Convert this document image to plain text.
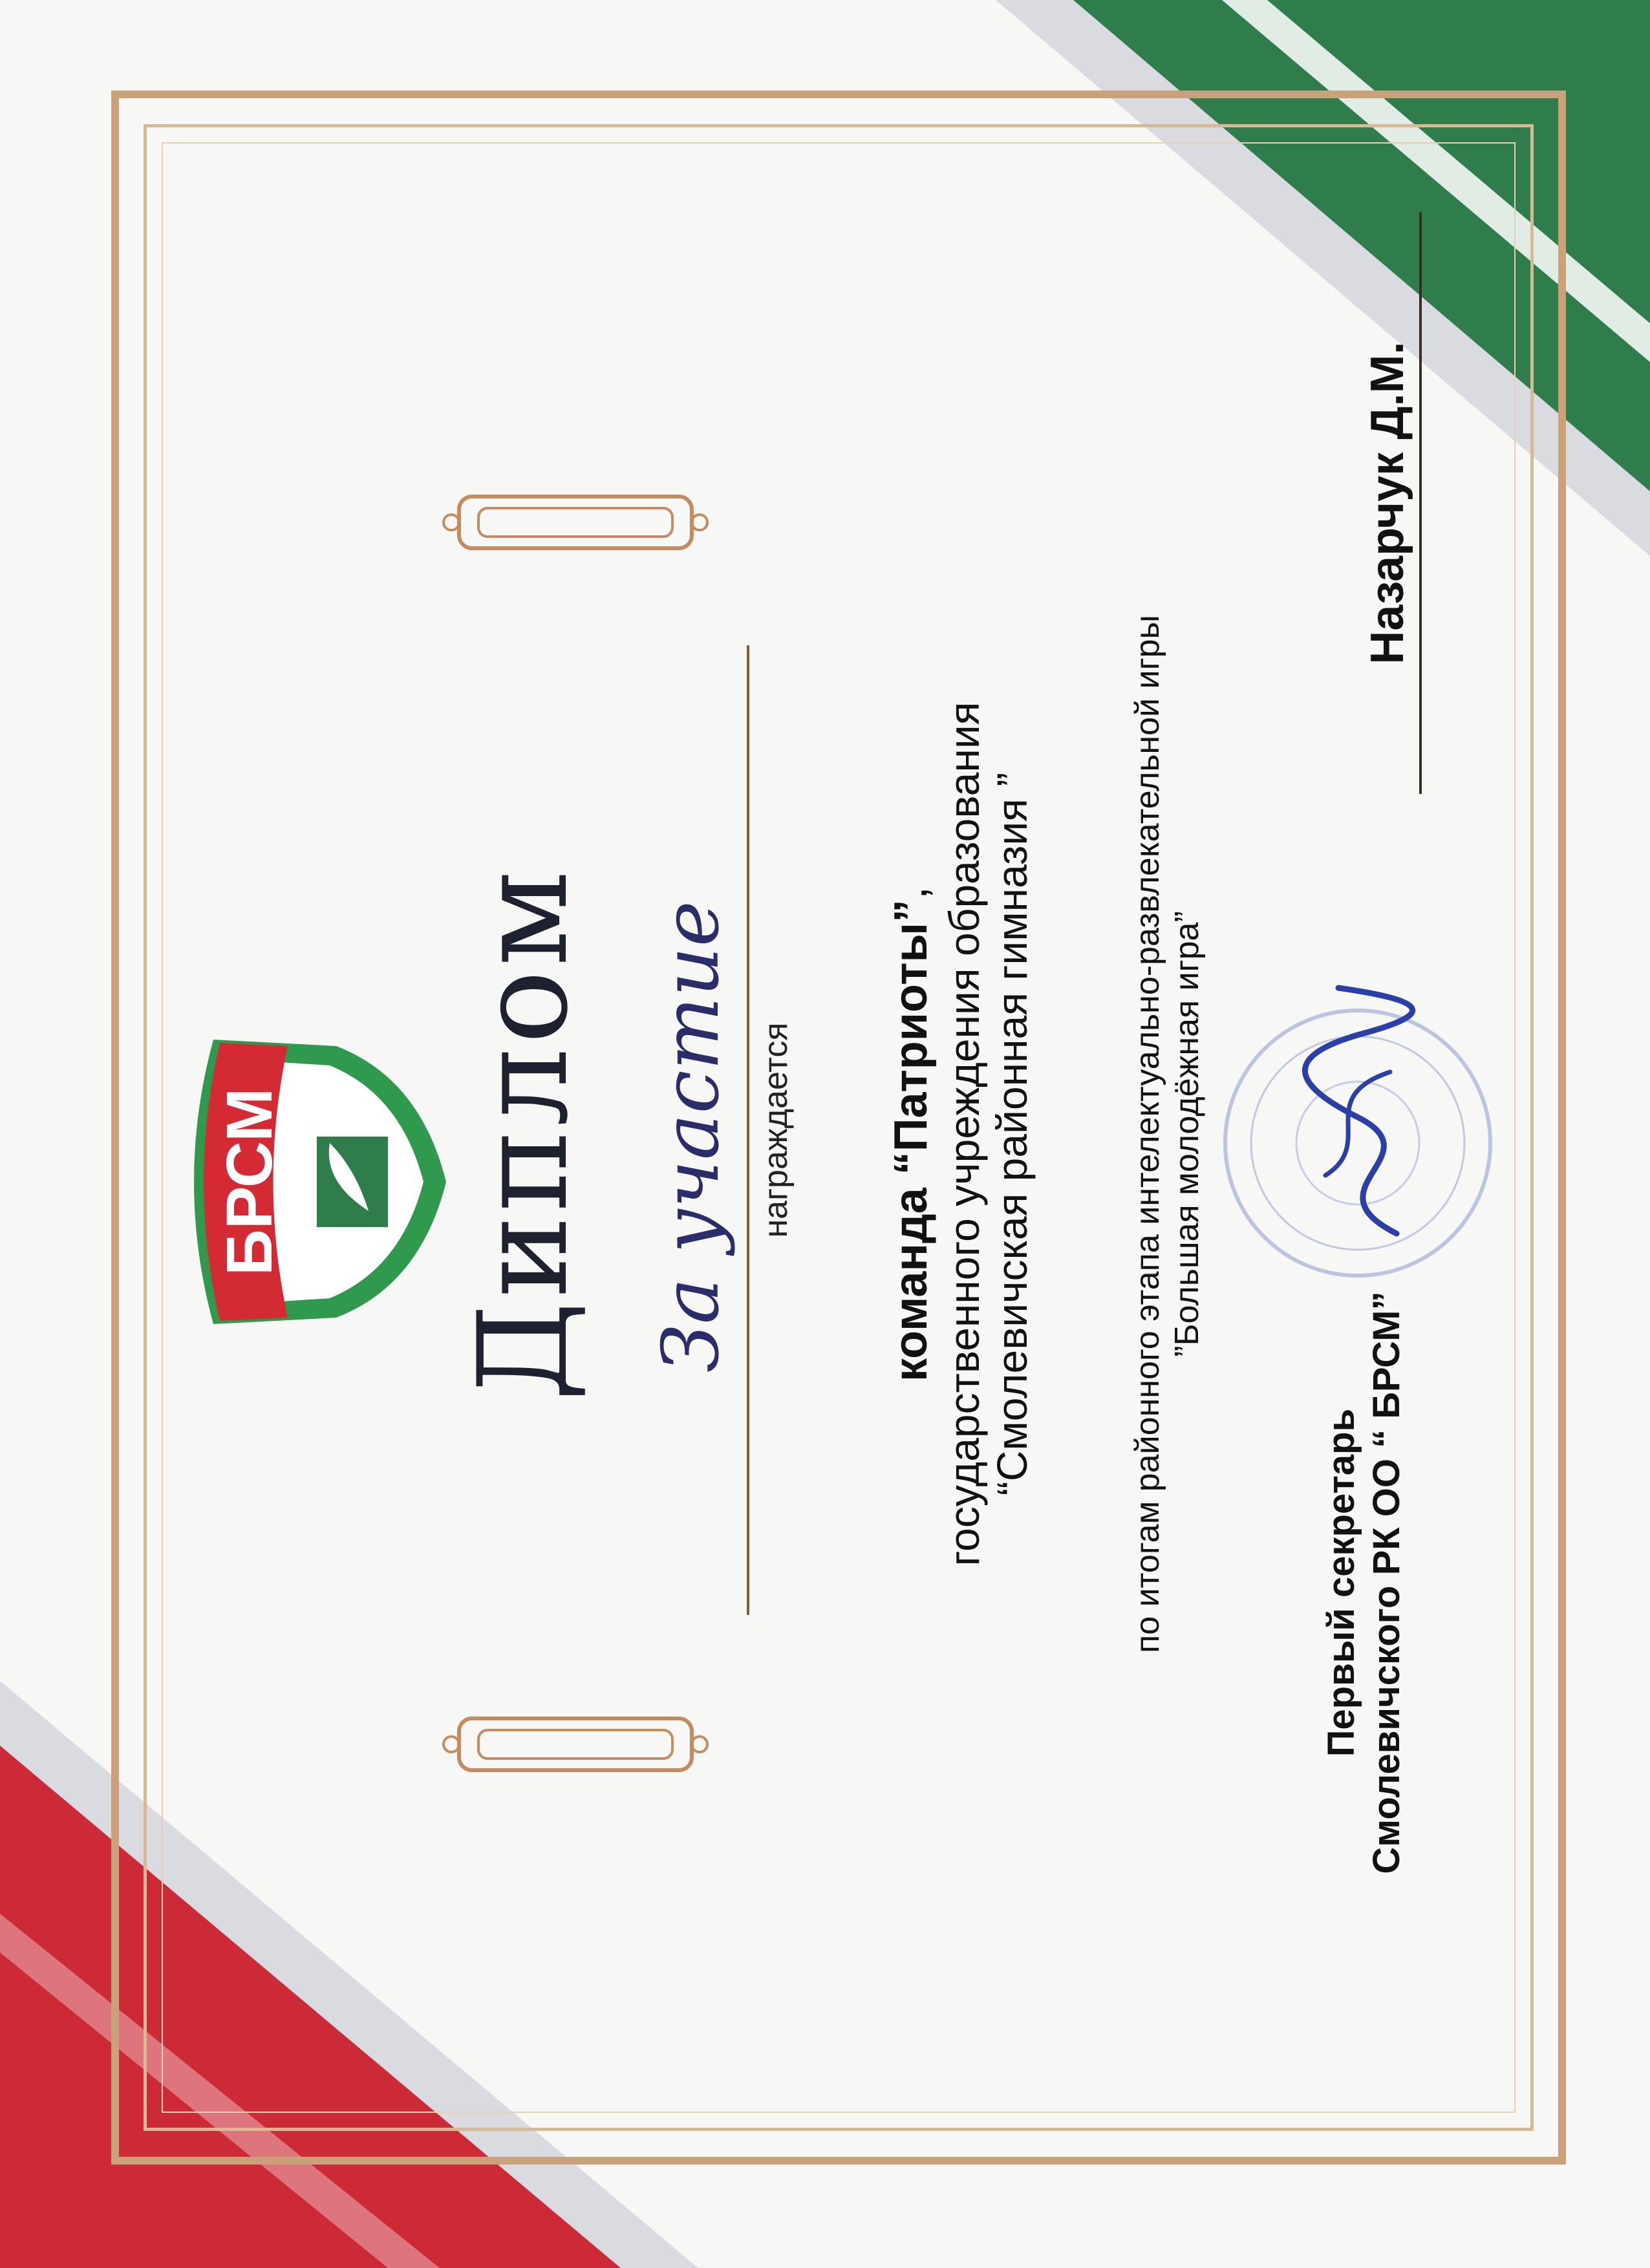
БРСМ Диплом За участие награждается
команда “Патриоты”, государственного учреждения образования “Смолевичская районная гимназия ”	по итогам районного этапа интелектуально-развлекательной игры ”Большая молодёжная игра”
Первый секретарь Смолевичского РК ОО “ БРСМ”
Назарчук Д.М.
